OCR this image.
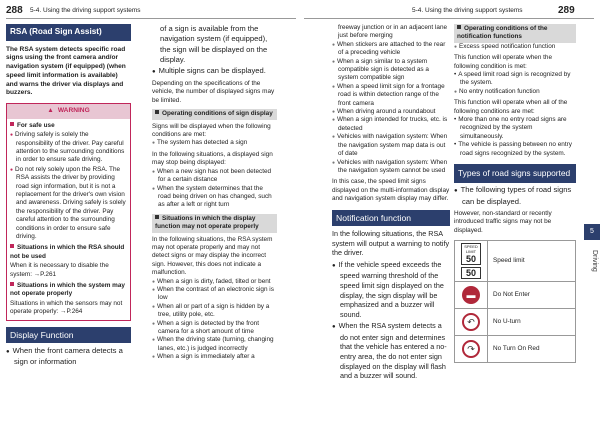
288 5-4. Using the driving support systems	5-4. Using the driving support systems	289
RSA (Road Sign Assist)
The RSA system detects specific road signs using the front camera and/or navigation system (if equipped) (when speed limit information is available) and warns the driver via displays and buzzers.
▲ WARNING
For safe use
● Driving safely is solely the responsibility of the driver. Pay careful attention to the surrounding conditions in order to ensure safe driving.
● Do not rely solely upon the RSA. The RSA assists the driver by providing road sign information, but it is not a replacement for the driver's own vision and awareness. Driving safely is solely the responsibility of the driver. Pay careful attention to the surrounding conditions in order to ensure safe driving.
Situations in which the RSA should not be used
When it is necessary to disable the system: →P.261
Situations in which the system may not operate properly
Situations in which the sensors may not operate properly: →P.264
Display Function
● When the front camera detects a sign or information
of a sign is available from the navigation system (if equipped), the sign will be displayed on the display.
● Multiple signs can be displayed.
Depending on the specifications of the vehicle, the number of displayed signs may be limited.
Operating conditions of sign display
Signs will be displayed when the following conditions are met:
● The system has detected a sign
In the following situations, a displayed sign may stop being displayed:
● When a new sign has not been detected for a certain distance
● When the system determines that the road being driven on has changed, such as after a left or right turn
Situations in which the display function may not operate properly
In the following situations, the RSA system may not operate properly and may not detect signs or may display the incorrect sign. However, this does not indicate a malfunction.
● When a sign is dirty, faded, tilted or bent
● When the contrast of an electronic sign is low
● When all or part of a sign is hidden by a tree, utility pole, etc.
● When a sign is detected by the front camera for a short amount of time
● When the driving state (turning, changing lanes, etc.) is judged incorrectly
● When a sign is immediately after a
freeway junction or in an adjacent lane just before merging
● When stickers are attached to the rear of a preceding vehicle
● When a sign similar to a system compatible sign is detected as a system compatible sign
● When a speed limit sign for a frontage road is within detection range of the front camera
● When driving around a roundabout
● When a sign intended for trucks, etc. is detected
● Vehicles with navigation system: When the navigation system map data is out of date
● Vehicles with navigation system: When the navigation system cannot be used
In this case, the speed limit signs displayed on the multi-information display and navigation system display may differ.
Notification function
In the following situations, the RSA system will output a warning to notify the driver.
● If the vehicle speed exceeds the speed warning threshold of the speed limit sign displayed on the display, the sign display will be emphasized and a buzzer will sound.
● When the RSA system detects a do not enter sign and determines that the vehicle has entered a no-entry area, the do not enter sign displayed on the display will flash and a buzzer will sound.
Operating conditions of the notification functions
● Excess speed notification function
This function will operate when the following condition is met:
• A speed limit road sign is recognized by the system.
● No entry notification function
This function will operate when all of the following conditions are met:
• More than one no entry road signs are recognized by the system simultaneously.
• The vehicle is passing between no entry road signs recognized by the system.
Types of road signs supported
● The following types of road signs can be displayed.
However, non-standard or recently introduced traffic signs may not be displayed.
SPEED LIMIT
50

50	Speed limit
▬	Do Not Enter
↶	No U-turn
↷	No Turn On Red
5
Driving
